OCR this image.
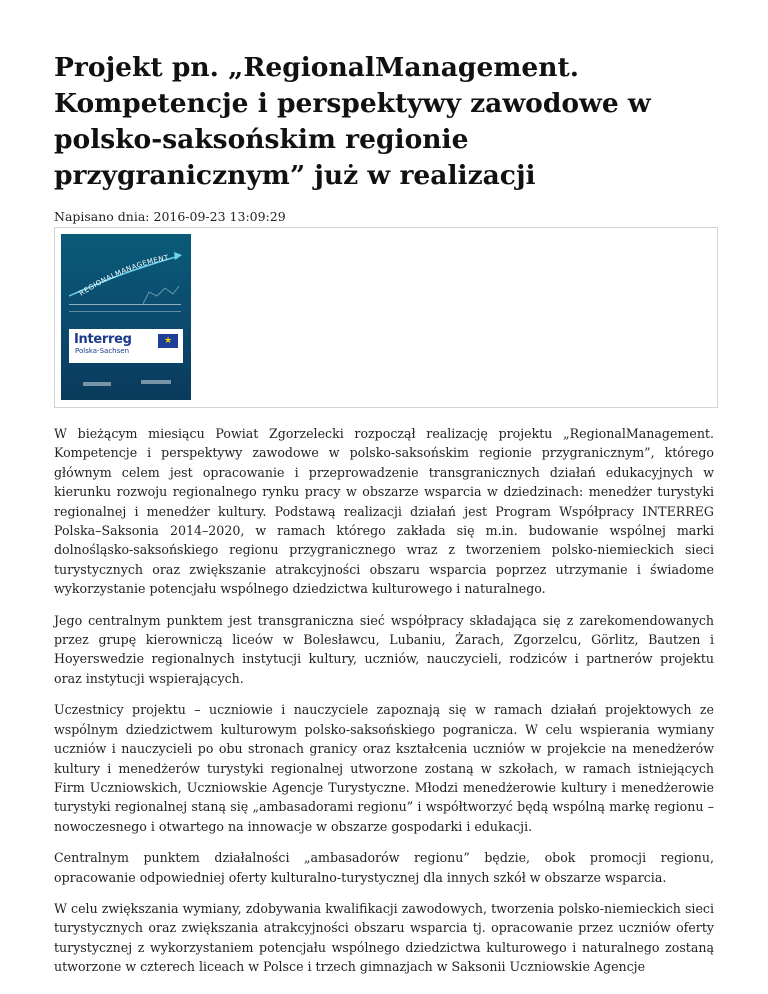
Projekt pn. „RegionalManagement. Kompetencje i perspektywy zawodowe w polsko-saksońskim regionie przygranicznym” już w realizacji
Napisano dnia: 2016-09-23 13:09:29
REGIONALMANAGEMENT
Interreg
Polska-Sachsen
★

W bieżącym miesiącu Powiat Zgorzelecki rozpoczął realizację projektu „RegionalManagement. Kompetencje i perspektywy zawodowe w polsko-saksońskim regionie przygranicznym”, którego głównym celem jest opracowanie i przeprowadzenie transgranicznych działań edukacyjnych w kierunku rozwoju regionalnego rynku pracy w obszarze wsparcia w dziedzinach: menedżer turystyki regionalnej i menedżer kultury. Podstawą realizacji działań jest Program Współpracy INTERREG Polska–Saksonia 2014–2020, w ramach którego zakłada się m.in. budowanie wspólnej marki dolnośląsko-saksońskiego regionu przygranicznego wraz z tworzeniem polsko-niemieckich sieci turystycznych oraz zwiększanie atrakcyjności obszaru wsparcia poprzez utrzymanie i świadome wykorzystanie potencjału wspólnego dziedzictwa kulturowego i naturalnego.

Jego centralnym punktem jest transgraniczna sieć współpracy składająca się z zarekomendowanych przez grupę kierowniczą liceów w Bolesławcu, Lubaniu, Żarach, Zgorzelcu, Görlitz, Bautzen i Hoyerswedzie regionalnych instytucji kultury, uczniów, nauczycieli, rodziców i partnerów projektu oraz instytucji wspierających.

Uczestnicy projektu – uczniowie i nauczyciele zapoznają się w ramach działań projektowych ze wspólnym dziedzictwem kulturowym polsko-saksońskiego pogranicza. W celu wspierania wymiany uczniów i nauczycieli po obu stronach granicy oraz kształcenia uczniów w projekcie na menedżerów kultury i menedżerów turystyki regionalnej utworzone zostaną w szkołach, w ramach istniejących Firm Uczniowskich, Uczniowskie Agencje Turystyczne. Młodzi menedżerowie kultury i menedżerowie turystyki regionalnej staną się „ambasadorami regionu” i współtworzyć będą wspólną markę regionu – nowoczesnego i otwartego na innowacje w obszarze gospodarki i edukacji.

Centralnym punktem działalności „ambasadorów regionu” będzie, obok promocji regionu, opracowanie odpowiedniej oferty kulturalno-turystycznej dla innych szkół w obszarze wsparcia.

W celu zwiększania wymiany, zdobywania kwalifikacji zawodowych, tworzenia polsko-niemieckich sieci turystycznych oraz zwiększania atrakcyjności obszaru wsparcia tj. opracowanie przez uczniów oferty turystycznej z wykorzystaniem potencjału wspólnego dziedzictwa kulturowego i naturalnego zostaną utworzone w czterech liceach w Polsce i trzech gimnazjach w Saksonii Uczniowskie Agencje
